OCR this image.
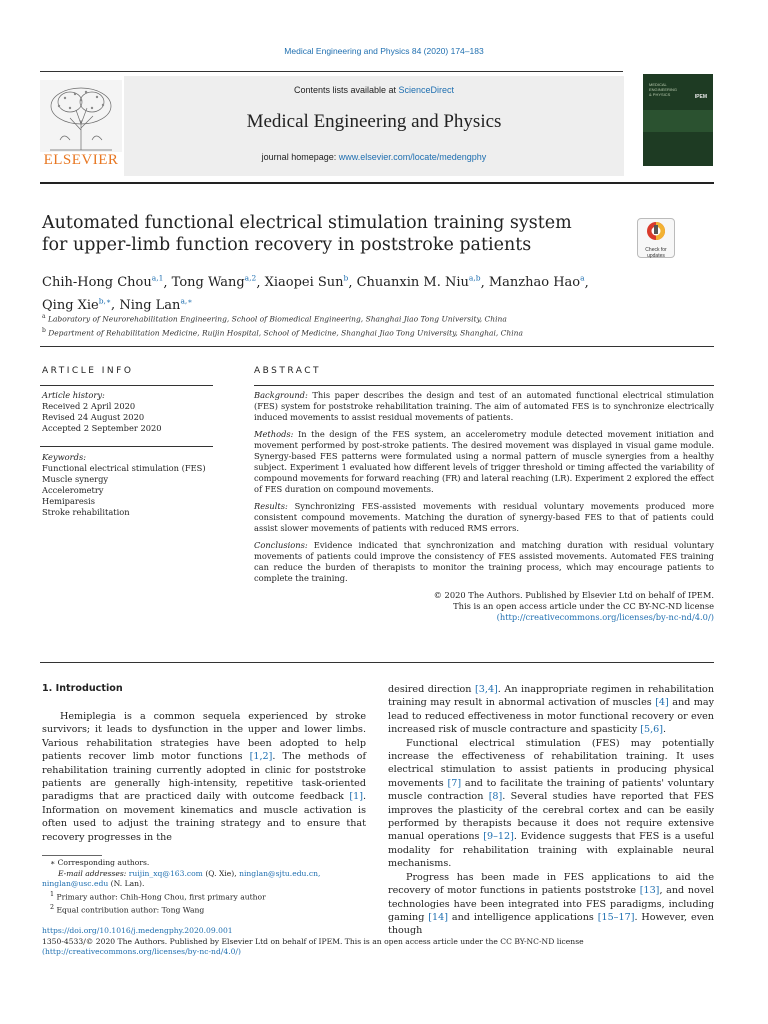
Medical Engineering and Physics 84 (2020) 174–183
ELSEVIER
Contents lists available at ScienceDirect
Medical Engineering and Physics
journal homepage: www.elsevier.com/locate/medengphy
MEDICAL
ENGINEERING
& PHYSICS	IPEM
Automated functional electrical stimulation training system for upper-limb function recovery in poststroke patients	Check for updates
Chih-Hong Chou$^{a,1}$, Tong Wang$^{a,2}$, Xiaopei Sun$^b$, Chuanxin M. Niu$^{a,b}$, Manzhao Hao$^a$,
Qing Xie$^{b,∗}$, Ning Lan$^{a,∗}$
$^a$ Laboratory of Neurorehabilitation Engineering, School of Biomedical Engineering, Shanghai Jiao Tong University, China
$^b$ Department of Rehabilitation Medicine, Ruijin Hospital, School of Medicine, Shanghai Jiao Tong University, Shanghai, China
ARTICLE INFO
Article history:
Received 2 April 2020
Revised 24 August 2020
Accepted 2 September 2020
Keywords:
Functional electrical stimulation (FES)
Muscle synergy
Accelerometry
Hemiparesis
Stroke rehabilitation
ABSTRACT

Background: This paper describes the design and test of an automated functional electrical stimulation (FES) system for poststroke rehabilitation training. The aim of automated FES is to synchronize electrically induced movements to assist residual movements of patients.

Methods: In the design of the FES system, an accelerometry module detected movement initiation and movement performed by post-stroke patients. The desired movement was displayed in visual game module. Synergy-based FES patterns were formulated using a normal pattern of muscle synergies from a healthy subject. Experiment 1 evaluated how different levels of trigger threshold or timing affected the variability of compound movements for forward reaching (FR) and lateral reaching (LR). Experiment 2 explored the effect of FES duration on compound movements.

Results: Synchronizing FES-assisted movements with residual voluntary movements produced more consistent compound movements. Matching the duration of synergy-based FES to that of patients could assist slower movements of patients with reduced RMS errors.

Conclusions: Evidence indicated that synchronization and matching duration with residual voluntary movements of patients could improve the consistency of FES assisted movements. Automated FES training can reduce the burden of therapists to monitor the training process, which may encourage patients to complete the training.

© 2020 The Authors. Published by Elsevier Ltd on behalf of IPEM.
This is an open access article under the CC BY-NC-ND license
(http://creativecommons.org/licenses/by-nc-nd/4.0/)
1. Introduction

Hemiplegia is a common sequela experienced by stroke survivors; it leads to dysfunction in the upper and lower limbs. Various rehabilitation strategies have been adopted to help patients recover limb motor functions [1,2]. The methods of rehabilitation training currently adopted in clinic for poststroke patients are generally high-intensity, repetitive task-oriented paradigms that are practiced daily with outcome feedback [1]. Information on movement kinematics and muscle activation is often used to adjust the training strategy and to ensure that recovery progresses in the

desired direction [3,4]. An inappropriate regimen in rehabilitation training may result in abnormal activation of muscles [4] and may lead to reduced effectiveness in motor functional recovery or even increased risk of muscle contracture and spasticity [5,6].

Functional electrical stimulation (FES) may potentially increase the effectiveness of rehabilitation training. It uses electrical stimulation to assist patients in producing physical movements [7] and to facilitate the training of patients' voluntary muscle contraction [8]. Several studies have reported that FES improves the plasticity of the cerebral cortex and can be easily performed by therapists because it does not require extensive manual operations [9–12]. Evidence suggests that FES is a useful modality for rehabilitation training with explainable neural mechanisms.

Progress has been made in FES applications to aid the recovery of motor functions in patients poststroke [13], and novel technologies have been integrated into FES paradigms, including gaming [14] and intelligence applications [15–17]. However, even though

∗ Corresponding authors.
E-mail addresses: ruijin_xq@163.com (Q. Xie), ninglan@sjtu.edu.cn,
ninglan@usc.edu (N. Lan).
$^1$ Primary author: Chih-Hong Chou, first primary author
$^2$ Equal contribution author: Tong Wang
https://doi.org/10.1016/j.medengphy.2020.09.001
1350-4533/© 2020 The Authors. Published by Elsevier Ltd on behalf of IPEM. This is an open access article under the CC BY-NC-ND license
(http://creativecommons.org/licenses/by-nc-nd/4.0/)
